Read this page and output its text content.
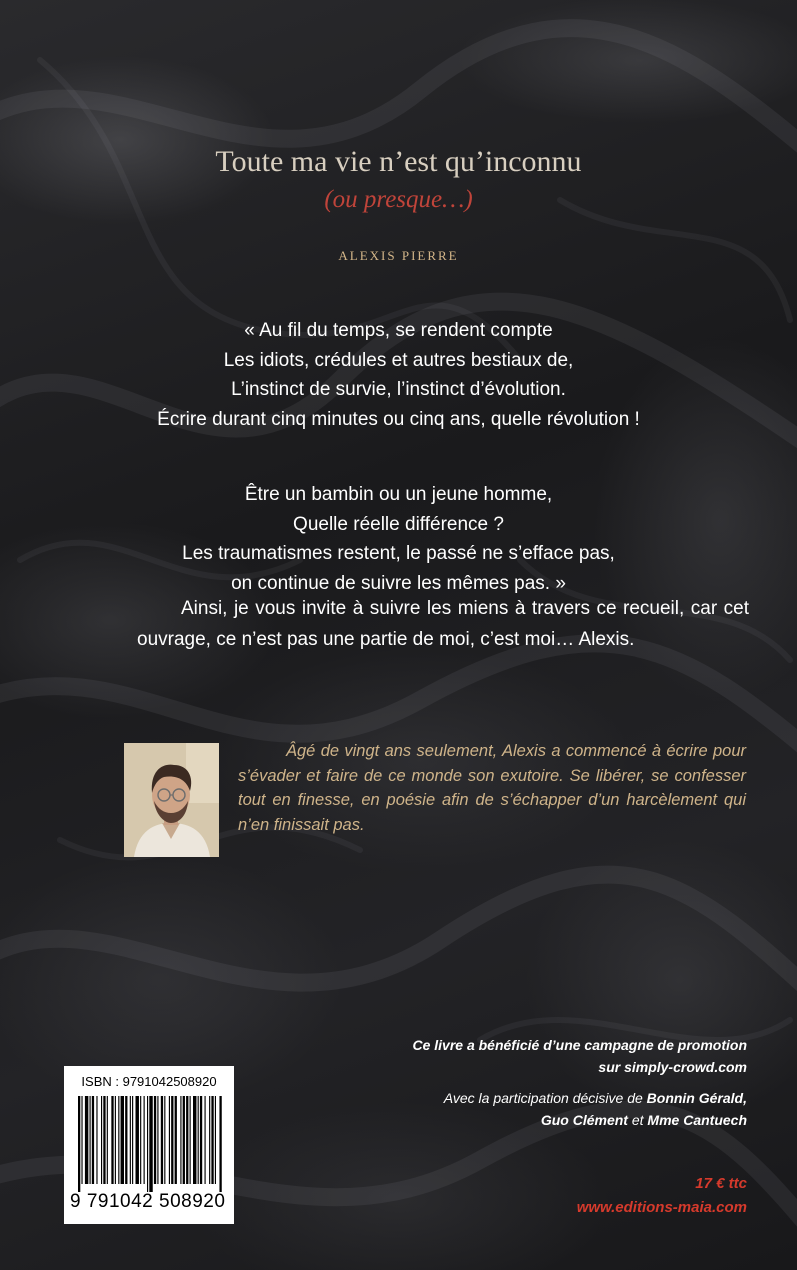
Toute ma vie n’est qu’inconnu

(ou presque…)

ALEXIS PIERRE

« Au fil du temps, se rendent compte
Les idiots, crédules et autres bestiaux de,
L’instinct de survie, l’instinct d’évolution.
Écrire durant cinq minutes ou cinq ans, quelle révolution !
Être un bambin ou un jeune homme,
Quelle réelle différence ?
Les traumatismes restent, le passé ne s’efface pas,
on continue de suivre les mêmes pas. »

Ainsi, je vous invite à suivre les miens à travers ce recueil, car cet ouvrage, ce n’est pas une partie de moi, c’est moi… Alexis.

Âgé de vingt ans seulement, Alexis a commencé à écrire pour s’évader et faire de ce monde son exutoire. Se libérer, se confesser tout en finesse, en poésie afin de s’échapper d’un harcèlement qui n’en finissait pas.

Ce livre a bénéficié d’une campagne de promotion
sur simply-crowd.com
Avec la participation décisive de Bonnin Gérald,
Guo Clément et Mme Cantuech

17 € ttc

www.editions-maia.com

ISBN : 9791042508920

9 791042 508920
